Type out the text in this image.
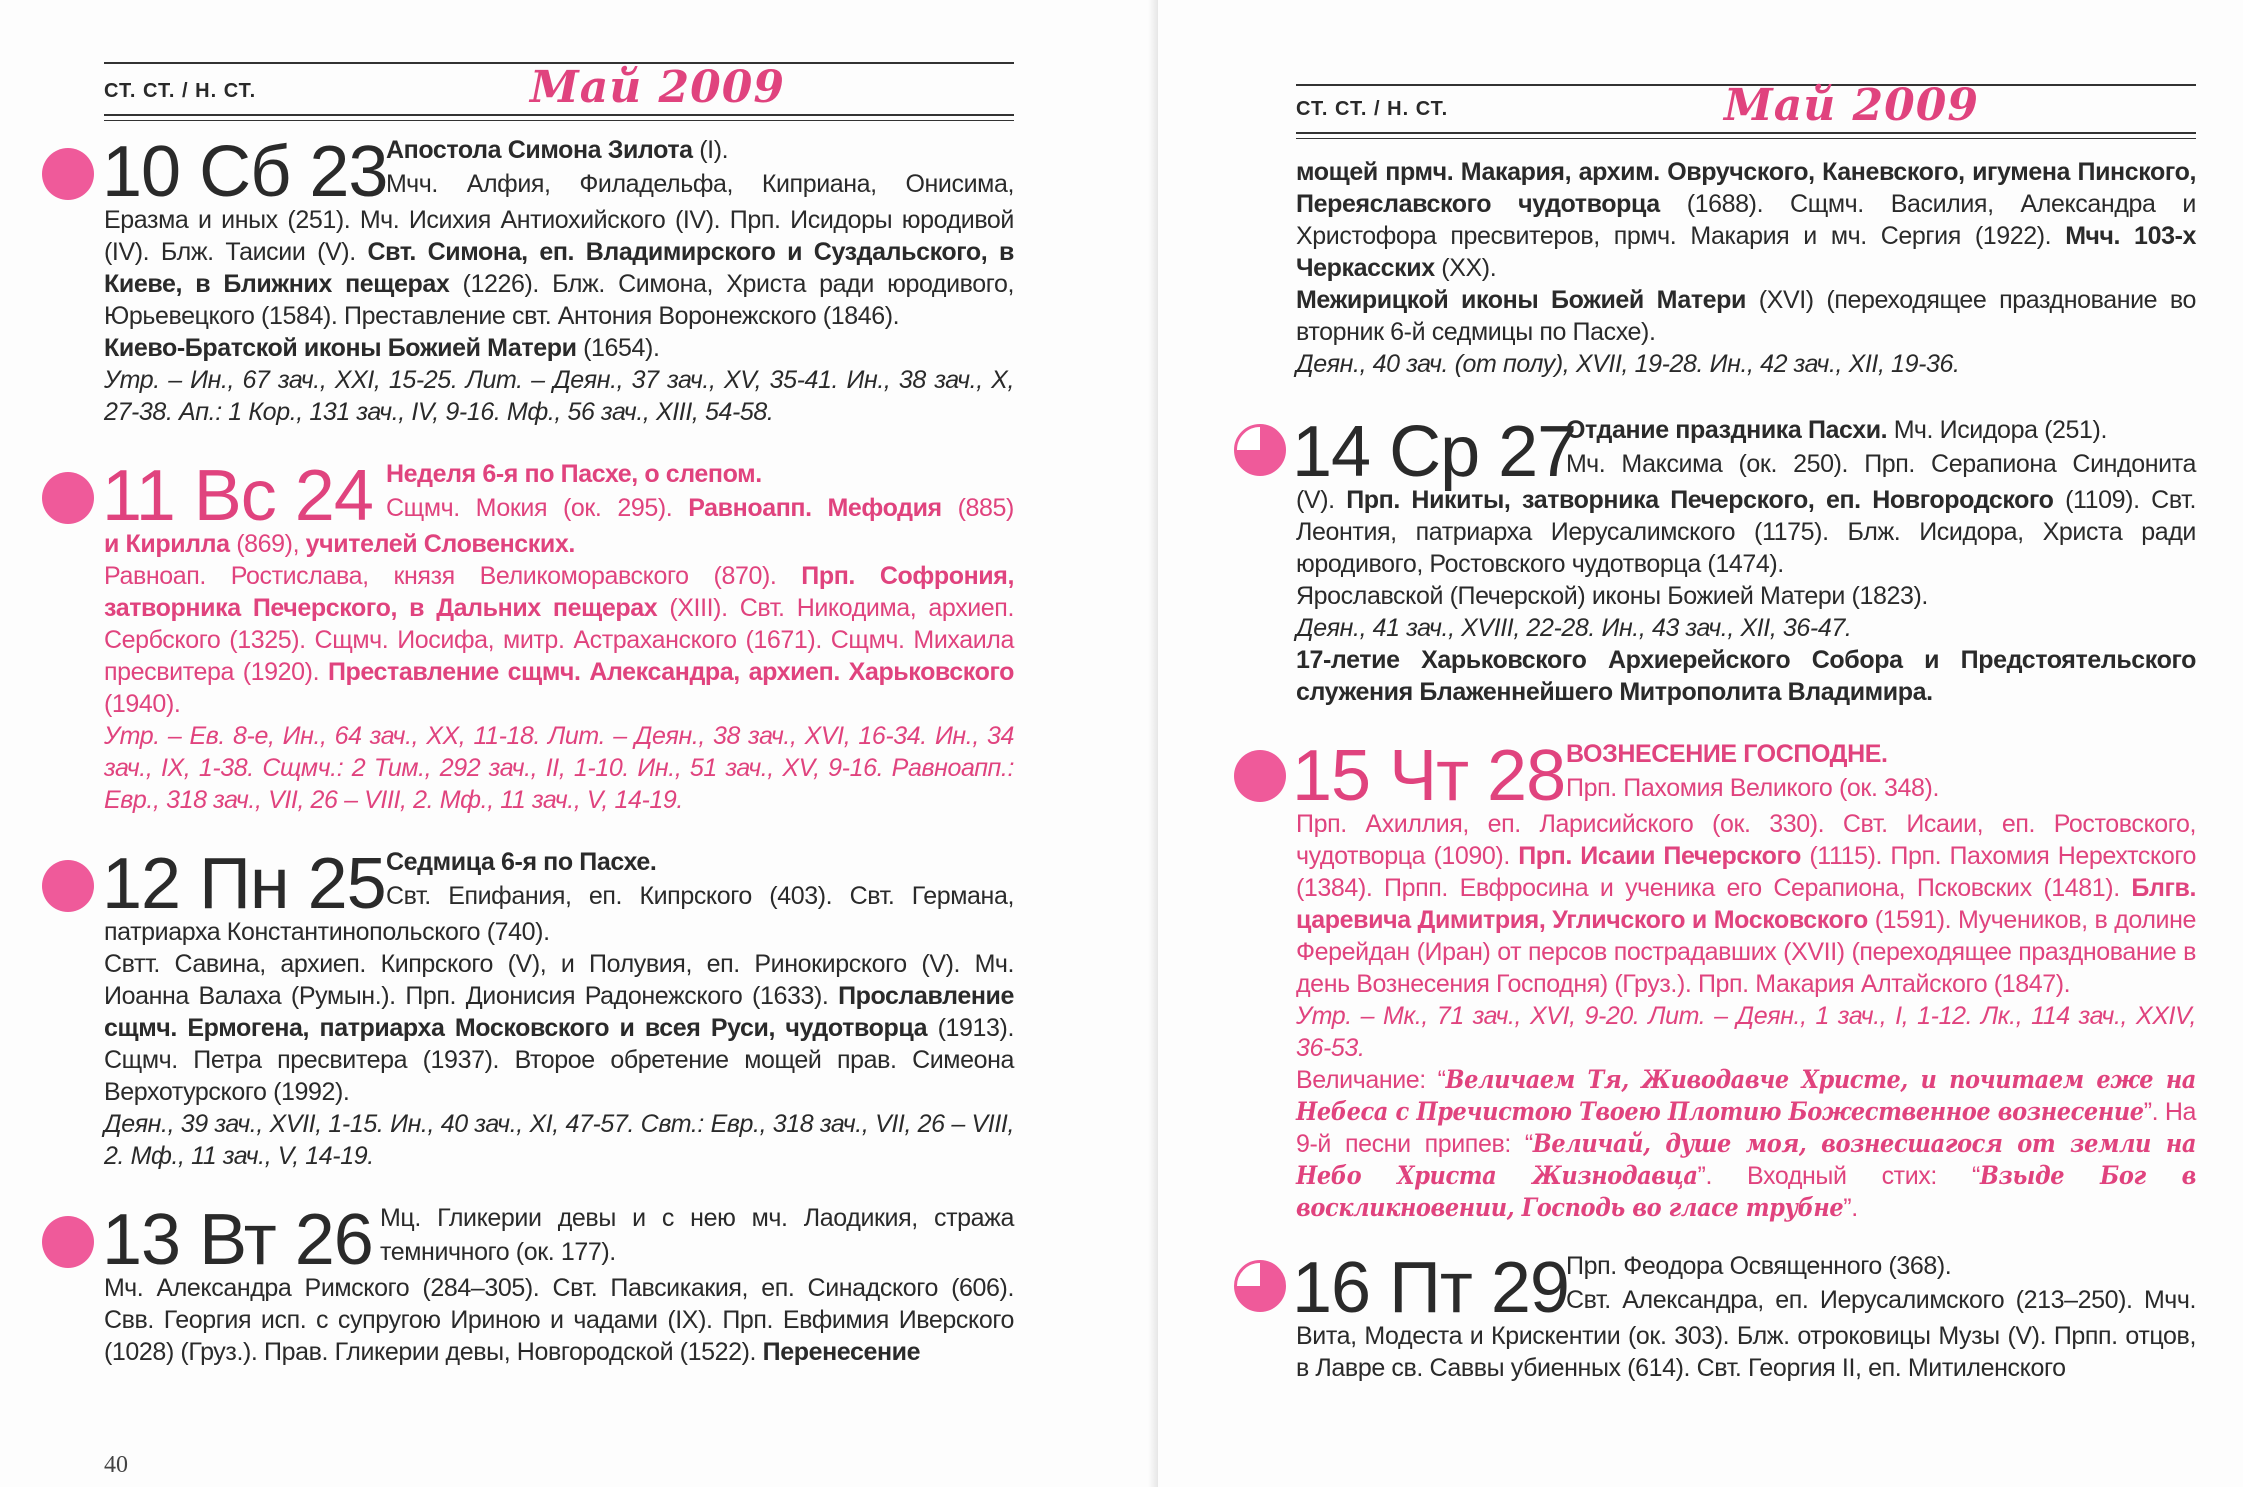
СТ. СТ. / Н. СТ.	Май 2009
10 Сб 23
Апостола Симона Зилота (I).
Мчч. Алфия, Филадельфа, Киприана, Онисима,

Еразма и иных (251). Мч. Исихия Антиохийского (IV). Прп. Исидоры юродивой (IV). Блж. Таисии (V). Свт. Симона, еп. Владимирского и Суздальского, в Киеве, в Ближних пещерах (1226). Блж. Симона, Христа ради юродивого, Юрьевецкого (1584). Преставление свт. Антония Воронежского (1846).

Киево-Братской иконы Божией Матери (1654).

Утр. – Ин., 67 зач., XXI, 15-25. Лит. – Деян., 37 зач., XV, 35-41. Ин., 38 зач., X, 27-38. Ап.: 1 Кор., 131 зач., IV, 9-16. Мф., 56 зач., XIII, 54-58.

11 Вс 24 Неделя 6-я по Пасхе, о слепом.
Сщмч. Мокия (ок. 295). Равноапп. Мефодия (885)

и Кирилла (869), учителей Словенских.

Равноап. Ростислава, князя Великоморавского (870). Прп. Софрония, затворника Печерского, в Дальних пещерах (XIII). Свт. Никодима, архиеп. Сербского (1325). Сщмч. Иосифа, митр. Астраханского (1671). Сщмч. Михаила пресвитера (1920). Преставление сщмч. Александра, архиеп. Харьковского (1940).

Утр. – Ев. 8-е, Ин., 64 зач., XX, 11-18. Лит. – Деян., 38 зач., XVI, 16-34. Ин., 34 зач., IX, 1-38. Сщмч.: 2 Тим., 292 зач., II, 1-10. Ин., 51 зач., XV, 9-16. Равноапп.: Евр., 318 зач., VII, 26 – VIII, 2. Мф., 11 зач., V, 14-19.

12 Пн 25 Седмица 6-я по Пасхе.
Свт. Епифания, еп. Кипрского (403). Свт. Германа,

патриарха Константинопольского (740).

Свтт. Савина, архиеп. Кипрского (V), и Полувия, еп. Ринокирского (V). Мч. Иоанна Валаха (Румын.). Прп. Дионисия Радонежского (1633). Прославление сщмч. Ермогена, патриарха Московского и всея Руси, чудотворца (1913). Сщмч. Петра пресвитера (1937). Второе обретение мощей прав. Симеона Верхотурского (1992).

Деян., 39 зач., XVII, 1-15. Ин., 40 зач., XI, 47-57. Свт.: Евр., 318 зач., VII, 26 – VIII, 2. Мф., 11 зач., V, 14-19.

13 Вт 26 Мц. Гликерии девы и с нею мч. Лаодикия, стража
темничного (ок. 177).

Мч. Александра Римского (284–305). Свт. Павсикакия, еп. Синадского (606). Свв. Георгия исп. с супругою Ириною и чадами (IX). Прп. Евфимия Иверского (1028) (Груз.). Прав. Гликерии девы, Новгородской (1522). Перенесение

40
СТ. СТ. / Н. СТ.	Май 2009

мощей прмч. Макария, архим. Овручского, Каневского, игумена Пинского, Переяславского чудотворца (1688). Сщмч. Василия, Александра и Христофора пресвитеров, прмч. Макария и мч. Сергия (1922). Мчч. 103-х Черкасских (XX).

Межирицкой иконы Божией Матери (XVI) (переходящее празднование во вторник 6-й седмицы по Пасхе).

Деян., 40 зач. (от полу), XVII, 19-28. Ин., 42 зач., XII, 19-36.

14 Ср 27
Отдание праздника Пасхи. Мч. Исидора (251).
Мч. Максима (ок. 250). Прп. Серапиона Синдонита

(V). Прп. Никиты, затворника Печерского, еп. Новгородского (1109). Свт. Леонтия, патриарха Иерусалимского (1175). Блж. Исидора, Христа ради юродивого, Ростовского чудотворца (1474).

Ярославской (Печерской) иконы Божией Матери (1823).

Деян., 41 зач., XVIII, 22-28. Ин., 43 зач., XII, 36-47.

17-летие Харьковского Архиерейского Собора и Предстоятельского служения Блаженнейшего Митрополита Владимира.

15 Чт 28 ВОЗНЕСЕНИЕ ГОСПОДНЕ.
Прп. Пахомия Великого (ок. 348).

Прп. Ахиллия, еп. Ларисийского (ок. 330). Свт. Исаии, еп. Ростовского, чудотворца (1090). Прп. Исаии Печерского (1115). Прп. Пахомия Нерехтского (1384). Прпп. Евфросина и ученика его Серапиона, Псковских (1481). Блгв. царевича Димитрия, Угличского и Московского (1591). Мучеников, в долине Ферейдан (Иран) от персов пострадавших (XVII) (переходящее празднование в день Вознесения Господня) (Груз.). Прп. Макария Алтайского (1847).

Утр. – Мк., 71 зач., XVI, 9-20. Лит. – Деян., 1 зач., I, 1-12. Лк., 114 зач., XXIV, 36-53.

Величание: “Величаем Тя, Живодавче Христе, и почитаем еже на Небеса с Пречистою Твоею Плотию Божественное вознесение”. На 9-й песни припев: “Величай, душе моя, вознесшагося от земли на Небо Христа Жизнодавца”. Входный стих: “Взыде Бог в воскликновении, Господь во гласе трубне”.

16 Пт 29
Прп. Феодора Освященного (368).
Свт. Александра, еп. Иерусалимского (213–250). Мчч.

Вита, Модеста и Крискентии (ок. 303). Блж. отроковицы Музы (V). Прпп. отцов, в Лавре св. Саввы убиенных (614). Свт. Георгия II, еп. Митиленского
